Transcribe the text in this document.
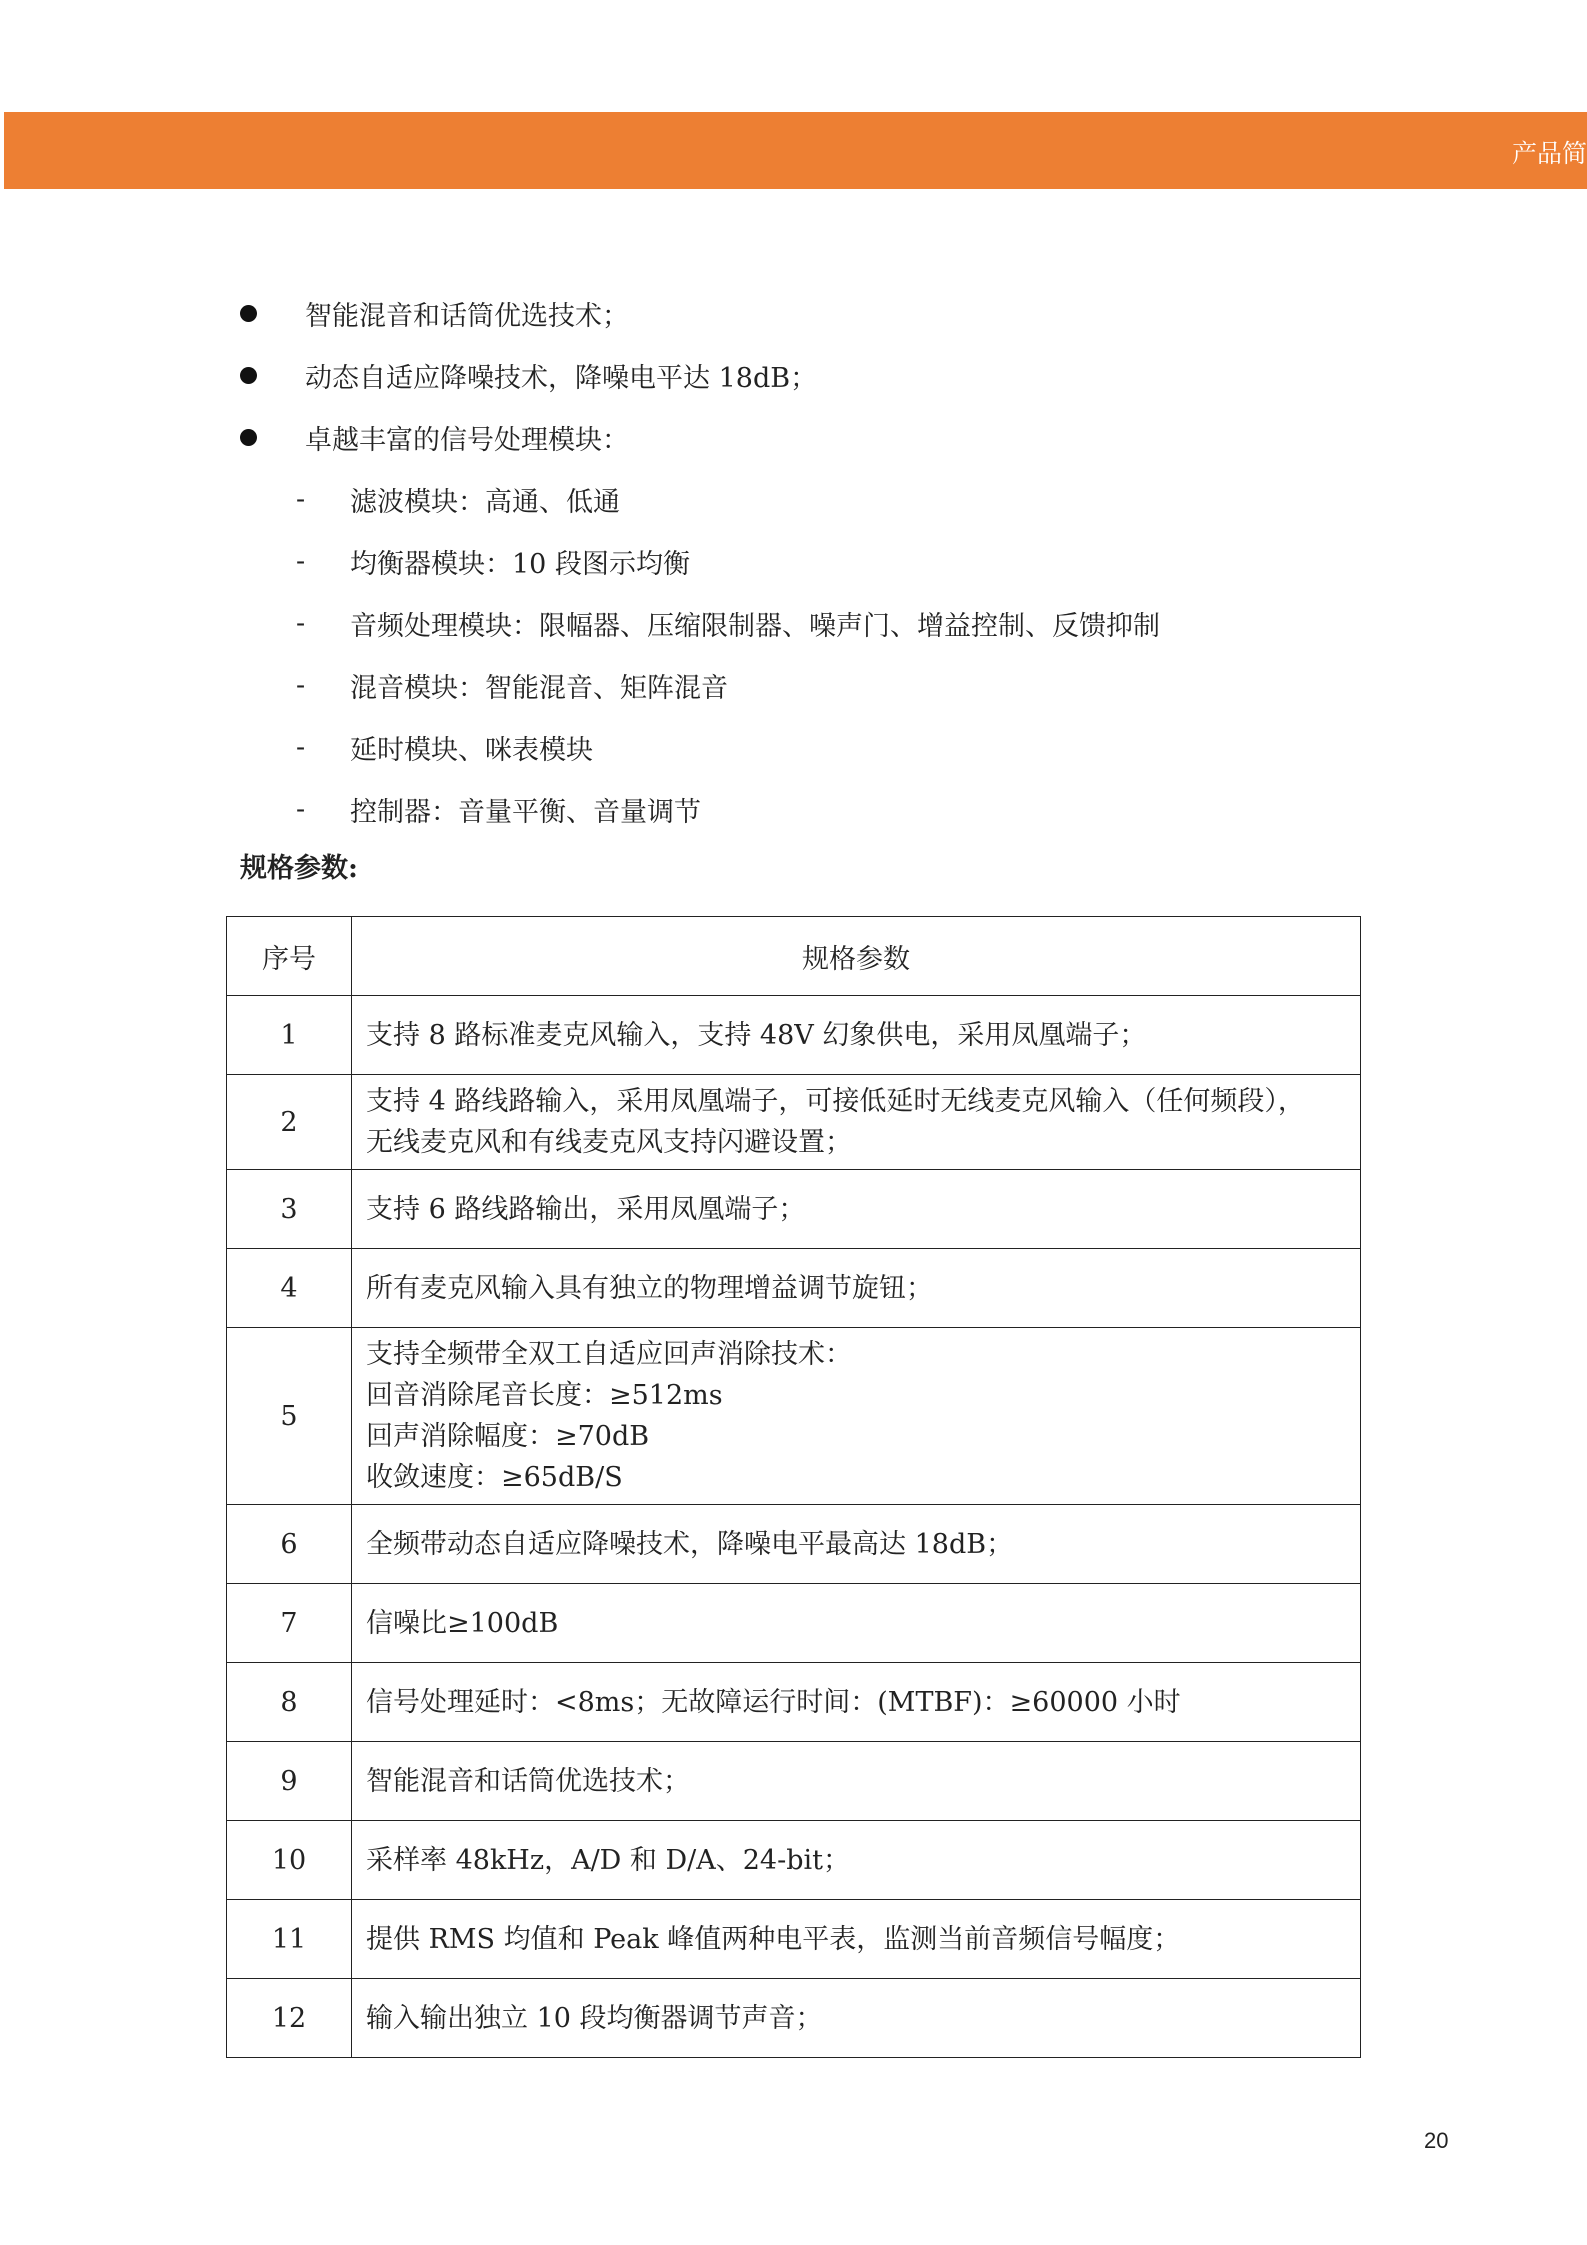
产品简
智能混音和话筒优选技术；
动态自适应降噪技术，降噪电平达 18dB；
卓越丰富的信号处理模块：
-	滤波模块：高通、低通
-	均衡器模块：10 段图示均衡
-	音频处理模块：限幅器、压缩限制器、噪声门、增益控制、反馈抑制
-	混音模块：智能混音、矩阵混音
-	延时模块、咪表模块
-	控制器：音量平衡、音量调节
规格参数:
序号	规格参数
1	支持 8 路标准麦克风输入，支持 48V 幻象供电，采用凤凰端子；

2	支持 4 路线路输入，采用凤凰端子，可接低延时无线麦克风输入（任何频段），
无线麦克风和有线麦克风支持闪避设置；

3	支持 6 路线路输出，采用凤凰端子；

4	所有麦克风输入具有独立的物理增益调节旋钮；

5	支持全频带全双工自适应回声消除技术：
回音消除尾音长度：≥512ms
回声消除幅度：≥70dB
收敛速度：≥65dB/S

6	全频带动态自适应降噪技术，降噪电平最高达 18dB；

7	信噪比≥100dB

8	信号处理延时：<8ms；无故障运行时间：(MTBF)：≥60000 小时

9	智能混音和话筒优选技术；

10	采样率 48kHz，A/D 和 D/A、24-bit；

11	提供 RMS 均值和 Peak 峰值两种电平表，监测当前音频信号幅度；

12	输入输出独立 10 段均衡器调节声音；
20
